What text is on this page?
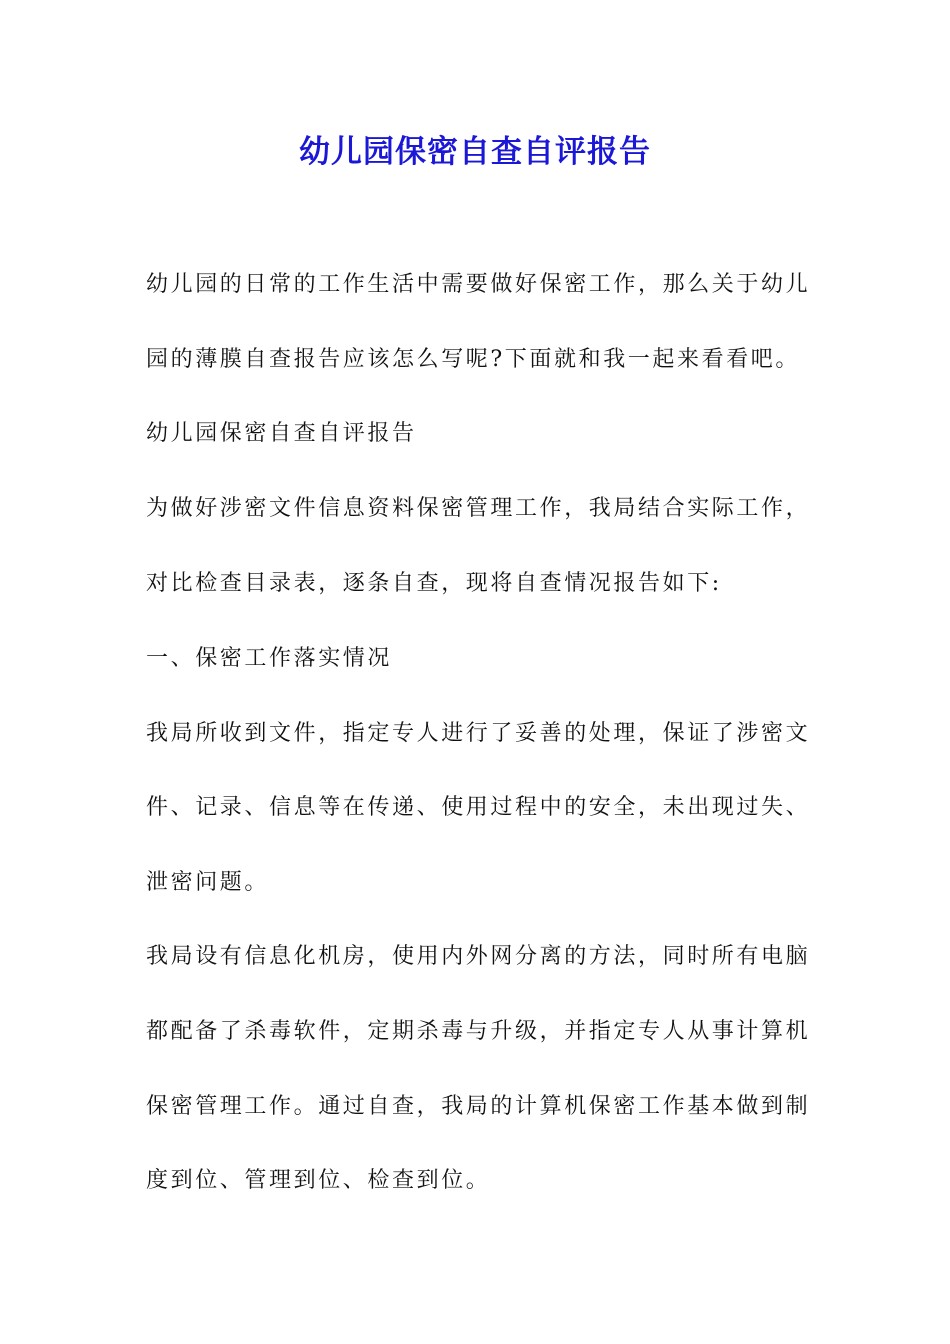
幼儿园保密自查自评报告
幼儿园的日常的工作生活中需要做好保密工作，那么关于幼儿
园的薄膜自查报告应该怎么写呢?下面就和我一起来看看吧。
幼儿园保密自查自评报告
为做好涉密文件信息资料保密管理工作，我局结合实际工作，
对比检查目录表，逐条自查，现将自查情况报告如下:
一、保密工作落实情况
我局所收到文件，指定专人进行了妥善的处理，保证了涉密文
件、记录、信息等在传递、使用过程中的安全，未出现过失、
泄密问题。
我局设有信息化机房，使用内外网分离的方法，同时所有电脑
都配备了杀毒软件，定期杀毒与升级，并指定专人从事计算机
保密管理工作。通过自查，我局的计算机保密工作基本做到制
度到位、管理到位、检查到位。
